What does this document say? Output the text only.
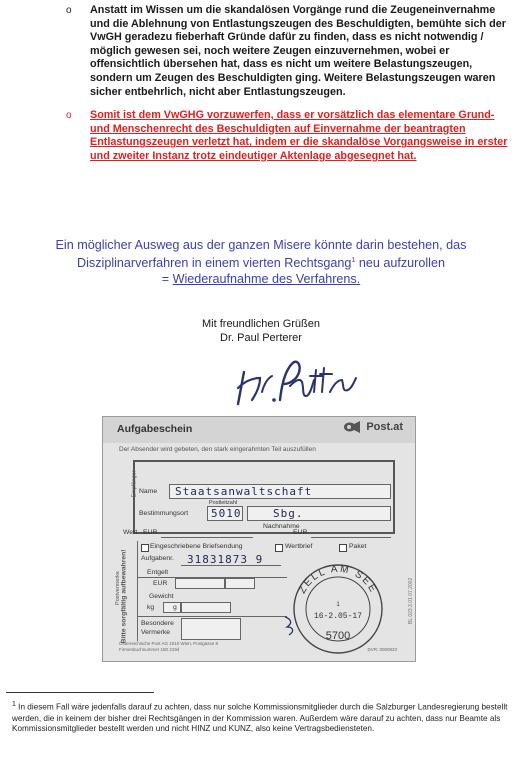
o Anstatt im Wissen um die skandalösen Vorgänge rund die Zeugeneinvernahme und die Ablehnung von Entlastungszeugen des Beschuldigten, bemühte sich der VwGH geradezu fieberhaft Gründe dafür zu finden, dass es nicht notwendig / möglich gewesen sei, noch weitere Zeugen einzuvernehmen, wobei er offensichtlich übersehen hat, dass es nicht um weitere Belastungszeugen, sondern um Zeugen des Beschuldigten ging. Weitere Belastungszeugen waren sicher entbehrlich, nicht aber Entlastungszeugen.
o Somit ist dem VwGHG vorzuwerfen, dass er vorsätzlich das elementare Grund- und Menschenrecht des Beschuldigten auf Einvernahme der beantragten Entlastungszeugen verletzt hat, indem er die skandalöse Vorgangsweise in erster und zweiter Instanz trotz eindeutiger Aktenlage abgesegnet hat.
Ein möglicher Ausweg aus der ganzen Misere könnte darin bestehen, das Disziplinarverfahren in einem vierten Rechtsgang$^1$ neu aufzurollen
= Wiederaufnahme des Verfahrens.
Mit freundlichen Grüßen
Dr. Paul Perterer
Aufgabeschein	Post.at
Der Absender wird gebeten, den stark eingerahmten Teil auszufüllen
Bitte sorgfältig aufbewahren!	BL 023.3.01 07.2002
Empfänger Name Staatsanwaltschaft
Postleitzahl
Bestimmungsort 5010	Sbg.
Wert EUR
Nachnahme
EUR
Postvermerke
Eingeschriebene Briefsendung	Wertbrief	Paket
Aufgabenr. 31831873 9
Entgelt
EUR
Gewicht
kg	g
Besondere
Vermerke
ZELL AM SEE
1
16-2.05-17
5700
Österreichische Post AG 1010 Wien, Postgasse 8
Firmenbuchnummer 180 219d	DVR: 0000833
$^1$ In diesem Fall wäre jedenfalls darauf zu achten, dass nur solche Kommissionsmitglieder durch die Salzburger Landesregierung bestellt werden, die in keinem der bisher drei Rechtsgängen in der Kommission waren. Außerdem wäre darauf zu achten, dass nur Beamte als Kommissionsmitglieder bestellt werden und nicht HINZ und KUNZ, also keine Vertragsbediensteten.
